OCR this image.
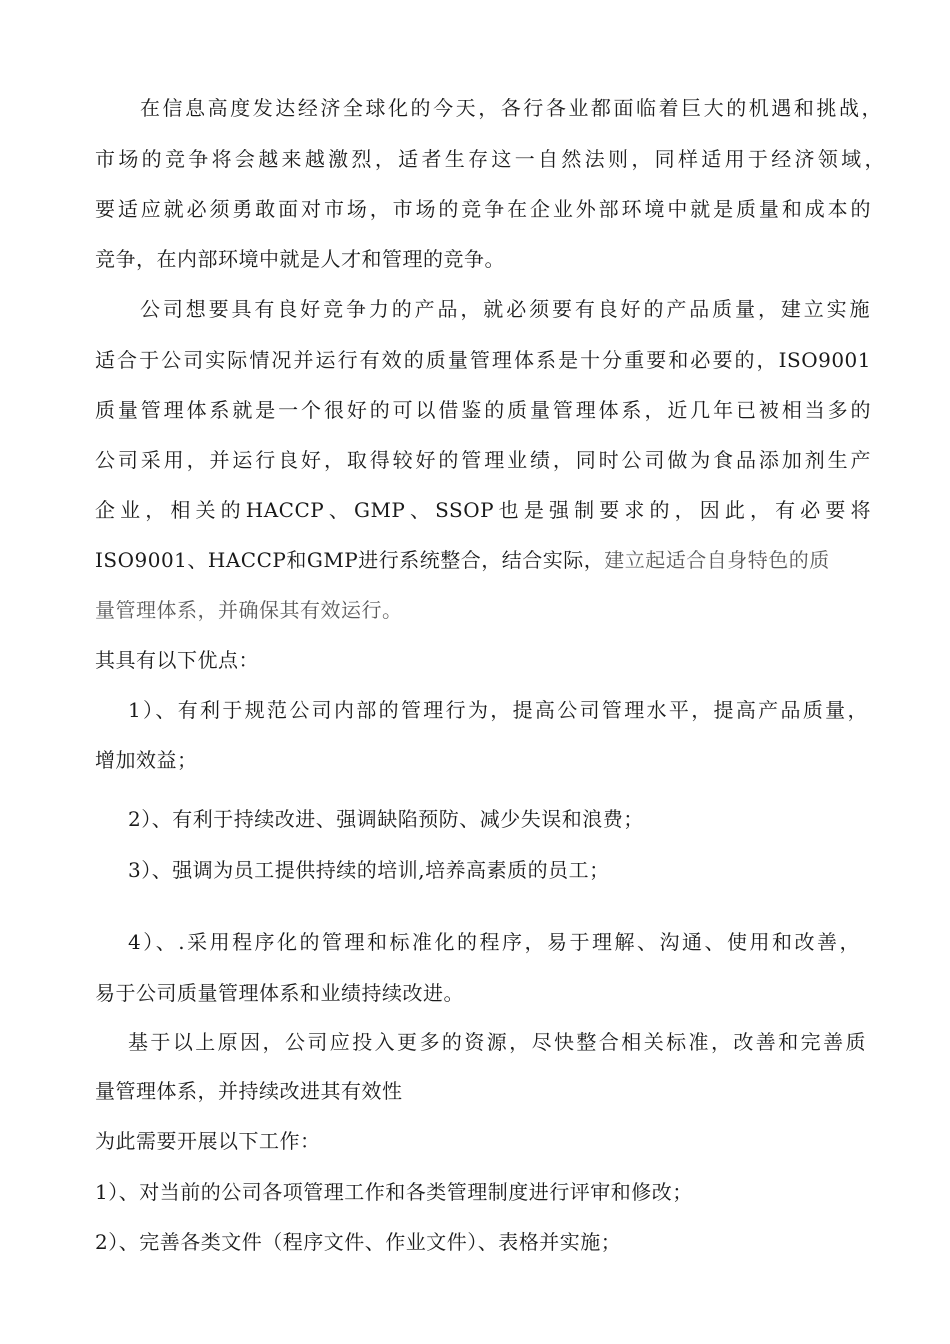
在信息高度发达经济全球化的今天，各行各业都面临着巨大的机遇和挑战，
市场的竞争将会越来越激烈，适者生存这一自然法则，同样适用于经济领域，
要适应就必须勇敢面对市场，市场的竞争在企业外部环境中就是质量和成本的
竞争，在内部环境中就是人才和管理的竞争。
公司想要具有良好竞争力的产品，就必须要有良好的产品质量，建立实施
适合于公司实际情况并运行有效的质量管理体系是十分重要和必要的，ISO9001
质量管理体系就是一个很好的可以借鉴的质量管理体系，近几年已被相当多的
公司采用，并运行良好，取得较好的管理业绩，同时公司做为食品添加剂生产
企业，相关的HACCP、GMP、SSOP也是强制要求的，因此，有必要将
ISO9001、HACCP和GMP进行系统整合，结合实际，建立起适合自身特色的质
量管理体系，并确保其有效运行。
其具有以下优点：
1）、有利于规范公司内部的管理行为，提高公司管理水平，提高产品质量，
增加效益；
2）、有利于持续改进、强调缺陷预防、减少失误和浪费；
3）、强调为员工提供持续的培训,培养高素质的员工；
4）、.采用程序化的管理和标准化的程序，易于理解、沟通、使用和改善，
易于公司质量管理体系和业绩持续改进。
基于以上原因，公司应投入更多的资源，尽快整合相关标准，改善和完善质
量管理体系，并持续改进其有效性
为此需要开展以下工作：
1）、对当前的公司各项管理工作和各类管理制度进行评审和修改；
2）、完善各类文件（程序文件、作业文件）、表格并实施；
